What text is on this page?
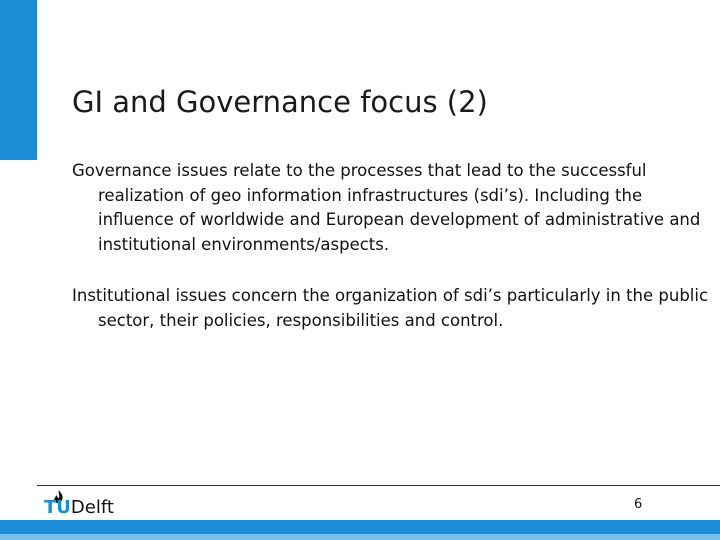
GI and Governance focus (2)

Governance issues relate to the processes that lead to the successful realization of geo information infrastructures (sdi’s). Including the influence of worldwide and European development of administrative and institutional environments/aspects.

Institutional issues concern the organization of sdi’s particularly in the public sector, their policies, responsibilities and control.

TUDelft	6
